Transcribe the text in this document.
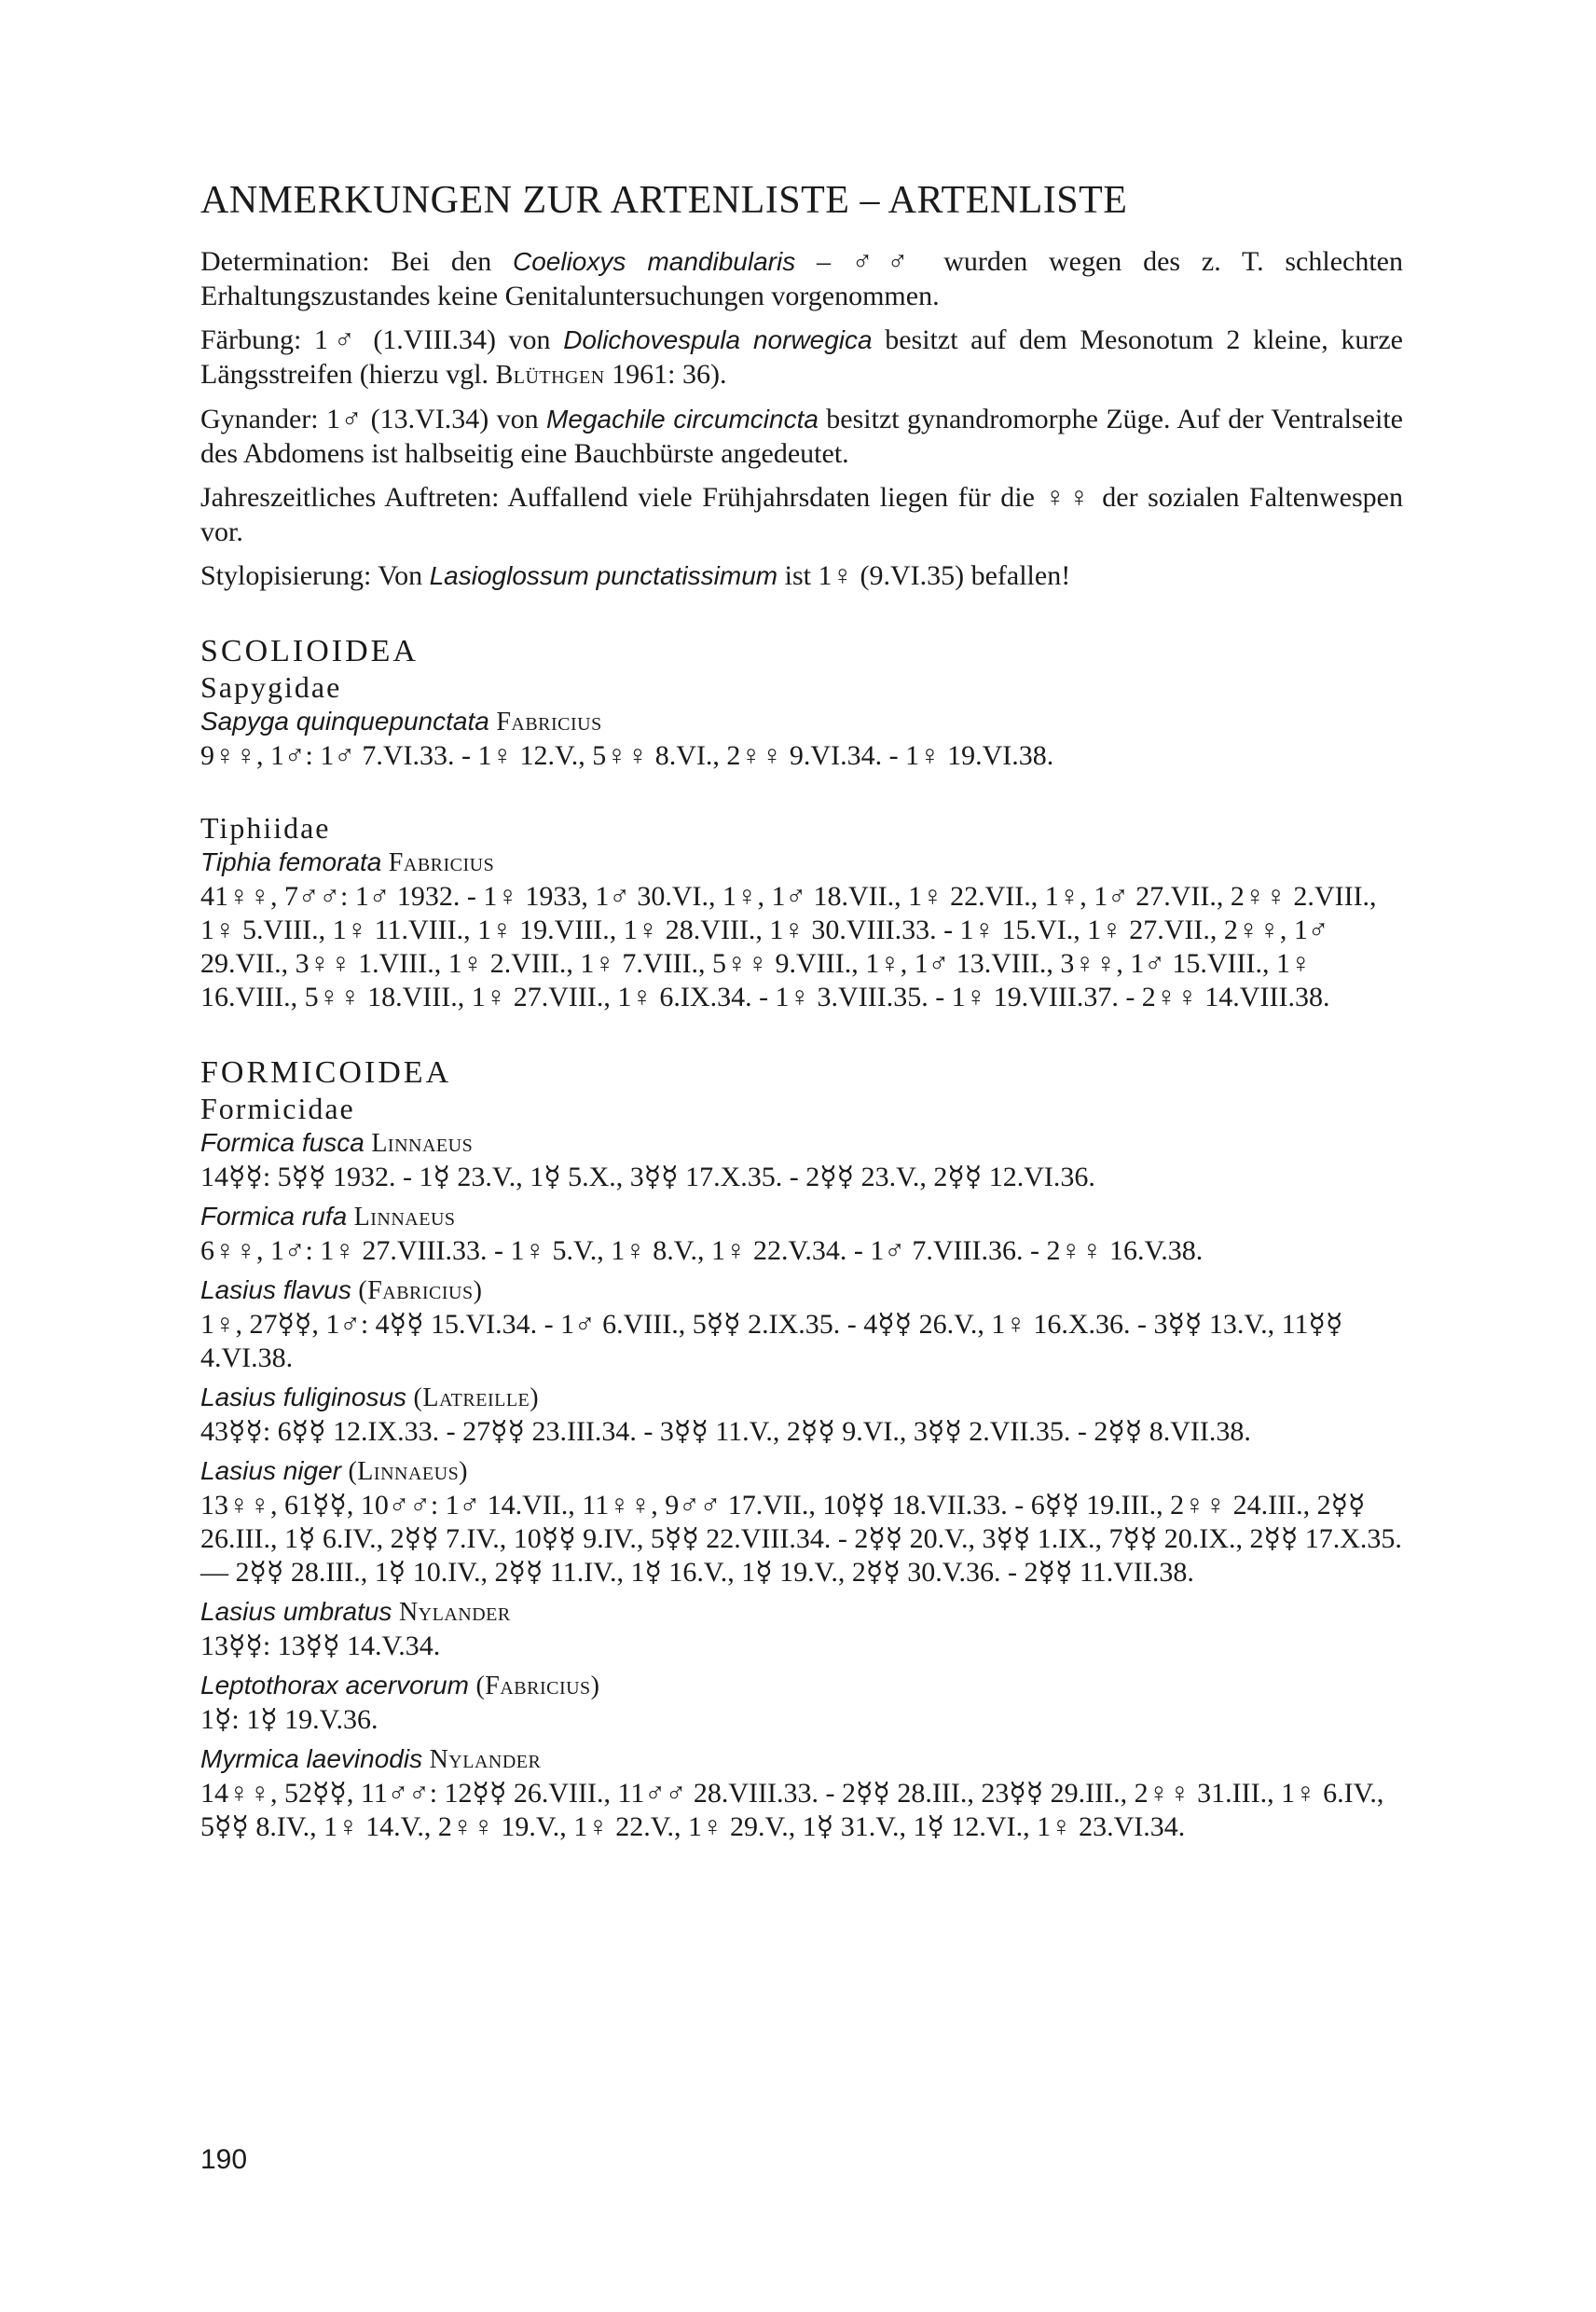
ANMERKUNGEN ZUR ARTENLISTE – ARTENLISTE

Determination: Bei den Coelioxys mandibularis – ♂♂ wurden wegen des z. T. schlechten Erhaltungszustandes keine Genitaluntersuchungen vorgenommen.

Färbung: 1♂ (1.VIII.34) von Dolichovespula norwegica besitzt auf dem Mesonotum 2 kleine, kurze Längsstreifen (hierzu vgl. Blüthgen 1961: 36).

Gynander: 1♂ (13.VI.34) von Megachile circumcincta besitzt gynandromorphe Züge. Auf der Ventralseite des Abdomens ist halbseitig eine Bauchbürste angedeutet.

Jahreszeitliches Auftreten: Auffallend viele Frühjahrsdaten liegen für die ♀♀ der sozialen Faltenwespen vor.

Stylopisierung: Von Lasioglossum punctatissimum ist 1♀ (9.VI.35) befallen!

SCOLIOIDEA
Sapygidae
Sapyga quinquepunctata Fabricius
9♀♀, 1♂: 1♂ 7.VI.33. - 1♀ 12.V., 5♀♀ 8.VI., 2♀♀ 9.VI.34. - 1♀ 19.VI.38.
Tiphiidae
Tiphia femorata Fabricius
41♀♀, 7♂♂: 1♂ 1932. - 1♀ 1933, 1♂ 30.VI., 1♀, 1♂ 18.VII., 1♀ 22.VII., 1♀, 1♂ 27.VII., 2♀♀ 2.VIII., 1♀ 5.VIII., 1♀ 11.VIII., 1♀ 19.VIII., 1♀ 28.VIII., 1♀ 30.VIII.33. - 1♀ 15.VI., 1♀ 27.VII., 2♀♀, 1♂ 29.VII., 3♀♀ 1.VIII., 1♀ 2.VIII., 1♀ 7.VIII., 5♀♀ 9.VIII., 1♀, 1♂ 13.VIII., 3♀♀, 1♂ 15.VIII., 1♀ 16.VIII., 5♀♀ 18.VIII., 1♀ 27.VIII., 1♀ 6.IX.34. - 1♀ 3.VIII.35. - 1♀ 19.VIII.37. - 2♀♀ 14.VIII.38.
FORMICOIDEA
Formicidae
Formica fusca Linnaeus
14☿☿: 5☿☿ 1932. - 1☿ 23.V., 1☿ 5.X., 3☿☿ 17.X.35. - 2☿☿ 23.V., 2☿☿ 12.VI.36.
Formica rufa Linnaeus
6♀♀, 1♂: 1♀ 27.VIII.33. - 1♀ 5.V., 1♀ 8.V., 1♀ 22.V.34. - 1♂ 7.VIII.36. - 2♀♀ 16.V.38.
Lasius flavus (Fabricius)
1♀, 27☿☿, 1♂: 4☿☿ 15.VI.34. - 1♂ 6.VIII., 5☿☿ 2.IX.35. - 4☿☿ 26.V., 1♀ 16.X.36. - 3☿☿ 13.V., 11☿☿ 4.VI.38.
Lasius fuliginosus (Latreille)
43☿☿: 6☿☿ 12.IX.33. - 27☿☿ 23.III.34. - 3☿☿ 11.V., 2☿☿ 9.VI., 3☿☿ 2.VII.35. - 2☿☿ 8.VII.38.
Lasius niger (Linnaeus)
13♀♀, 61☿☿, 10♂♂: 1♂ 14.VII., 11♀♀, 9♂♂ 17.VII., 10☿☿ 18.VII.33. - 6☿☿ 19.III., 2♀♀ 24.III., 2☿☿ 26.III., 1☿ 6.IV., 2☿☿ 7.IV., 10☿☿ 9.IV., 5☿☿ 22.VIII.34. - 2☿☿ 20.V., 3☿☿ 1.IX., 7☿☿ 20.IX., 2☿☿ 17.X.35. — 2☿☿ 28.III., 1☿ 10.IV., 2☿☿ 11.IV., 1☿ 16.V., 1☿ 19.V., 2☿☿ 30.V.36. - 2☿☿ 11.VII.38.
Lasius umbratus Nylander
13☿☿: 13☿☿ 14.V.34.
Leptothorax acervorum (Fabricius)
1☿: 1☿ 19.V.36.
Myrmica laevinodis Nylander
14♀♀, 52☿☿, 11♂♂: 12☿☿ 26.VIII., 11♂♂ 28.VIII.33. - 2☿☿ 28.III., 23☿☿ 29.III., 2♀♀ 31.III., 1♀ 6.IV., 5☿☿ 8.IV., 1♀ 14.V., 2♀♀ 19.V., 1♀ 22.V., 1♀ 29.V., 1☿ 31.V., 1☿ 12.VI., 1♀ 23.VI.34.
190
